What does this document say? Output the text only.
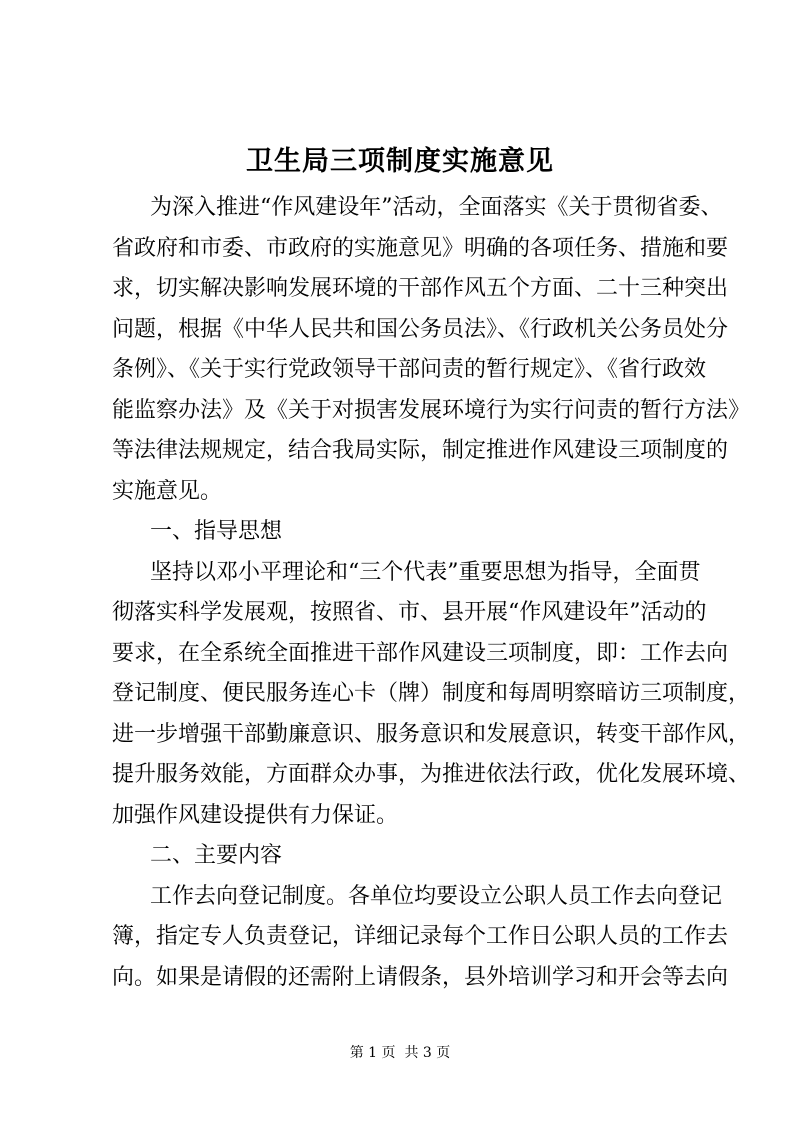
卫生局三项制度实施意见

为深入推进“作风建设年”活动，全面落实《关于贯彻省委、

省政府和市委、市政府的实施意见》明确的各项任务、措施和要

求，切实解决影响发展环境的干部作风五个方面、二十三种突出

问题，根据《中华人民共和国公务员法》、《行政机关公务员处分

条例》、《关于实行党政领导干部问责的暂行规定》、《省行政效

能监察办法》及《关于对损害发展环境行为实行问责的暂行方法》

等法律法规规定，结合我局实际，制定推进作风建设三项制度的

实施意见。

一、指导思想

坚持以邓小平理论和“三个代表”重要思想为指导，全面贯

彻落实科学发展观，按照省、市、县开展“作风建设年”活动的

要求，在全系统全面推进干部作风建设三项制度，即：工作去向

登记制度、便民服务连心卡（牌）制度和每周明察暗访三项制度，

进一步增强干部勤廉意识、服务意识和发展意识，转变干部作风，

提升服务效能，方面群众办事，为推进依法行政，优化发展环境、

加强作风建设提供有力保证。

二、主要内容

工作去向登记制度。各单位均要设立公职人员工作去向登记

簿，指定专人负责登记，详细记录每个工作日公职人员的工作去

向。如果是请假的还需附上请假条，县外培训学习和开会等去向

第 1 页  共 3 页
